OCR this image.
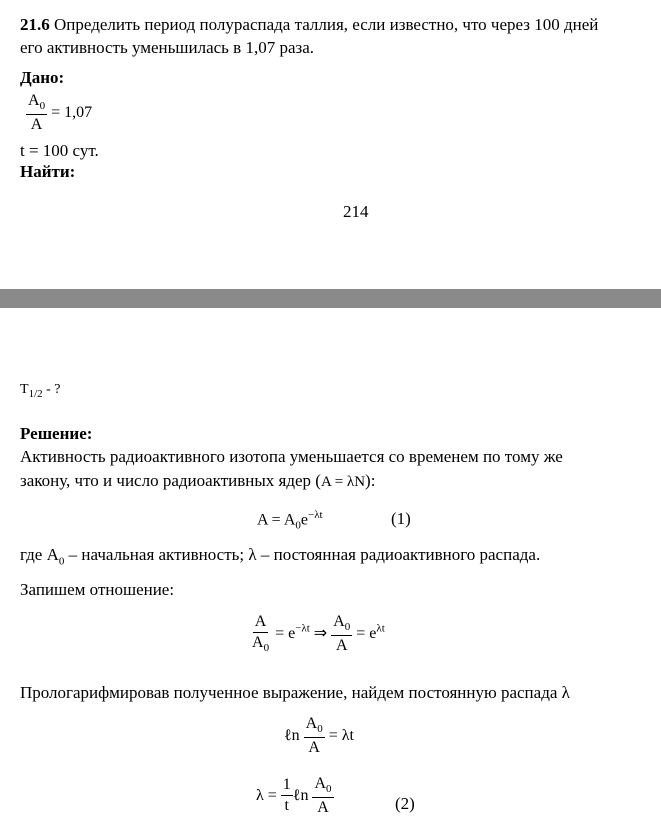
21.6 Определить период полураспада таллия, если известно, что через 100 дней
его активность уменьшилась в 1,07 раза.
Дано:
$\frac{A_0}{A} = 1,07$
t = 100 сут.
Найти:
214
$T_{1/2}$ - ?
Решение:
Активность радиоактивного изотопа уменьшается со временем по тому же
закону, что и число радиоактивных ядер (A = λN):
$A = A_0e^{-\lambda t}$	(1)
где $A_0$ – начальная активность; λ – постоянная радиоактивного распада.
Запишем отношение:
$\frac{A}{A_0} = e^{-\lambda t}$ ⇒ $\frac{A_0}{A} = e^{\lambda t}$
Прологарифмировав полученное выражение, найдем постоянную распада λ
ℓn $\frac{A_0}{A} = \lambda t$
$\lambda = \frac{1}{t}$ ℓn $\frac{A_0}{A}$	(2)
